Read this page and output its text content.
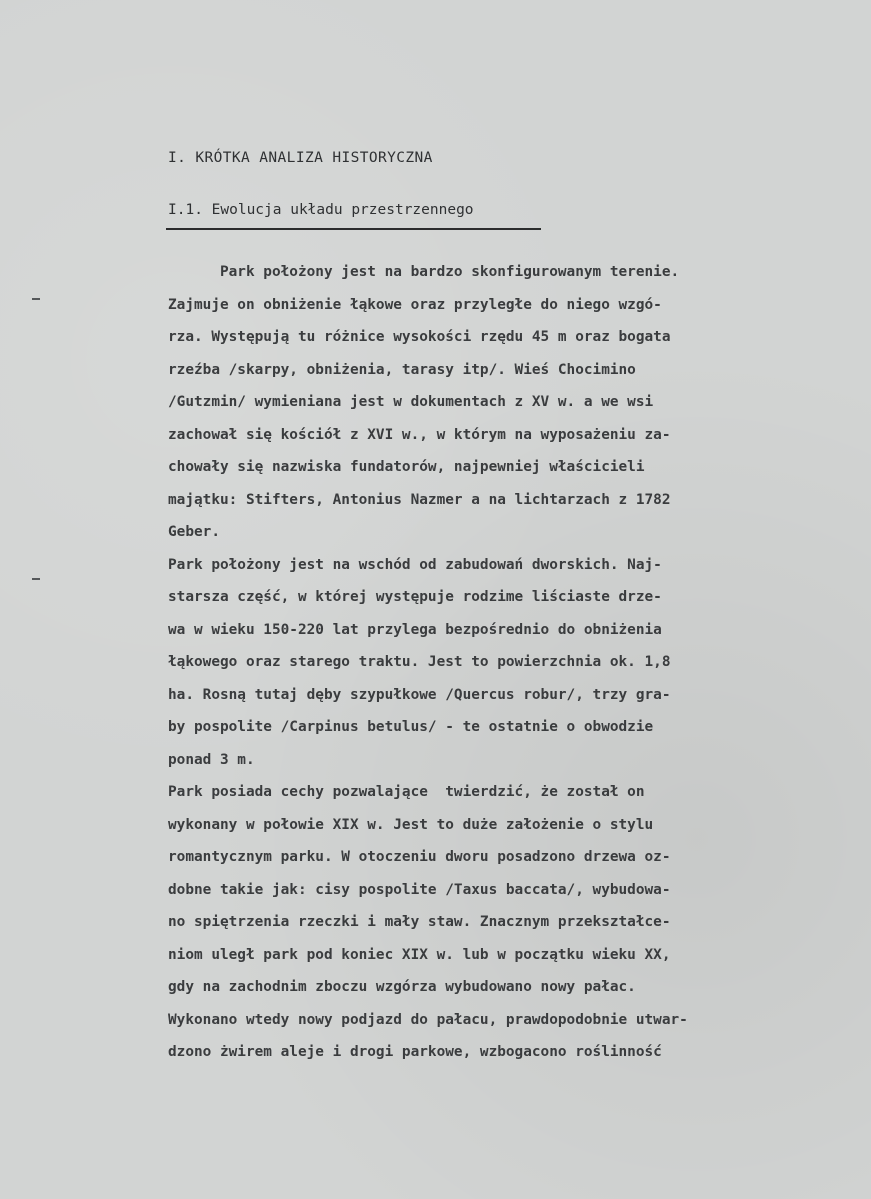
I. KRÓTKA ANALIZA HISTORYCZNA
I.1. Ewolucja układu przestrzennego
Park położony jest na bardzo skonfigurowanym terenie.
Zajmuje on obniżenie łąkowe oraz przyległe do niego wzgó-
rza. Występują tu różnice wysokości rzędu 45 m oraz bogata
rzeźba /skarpy, obniżenia, tarasy itp/. Wieś Chocimino
/Gutzmin/ wymieniana jest w dokumentach z XV w. a we wsi
zachował się kościół z XVI w., w którym na wyposażeniu za-
chowały się nazwiska fundatorów, najpewniej właścicieli
majątku: Stifters, Antonius Nazmer a na lichtarzach z 1782
Geber.
Park położony jest na wschód od zabudowań dworskich. Naj-
starsza część, w której występuje rodzime liściaste drze-
wa w wieku 150-220 lat przylega bezpośrednio do obniżenia
łąkowego oraz starego traktu. Jest to powierzchnia ok. 1,8
ha. Rosną tutaj dęby szypułkowe /Quercus robur/, trzy gra-
by pospolite /Carpinus betulus/ - te ostatnie o obwodzie
ponad 3 m.
Park posiada cechy pozwalające  twierdzić, że został on
wykonany w połowie XIX w. Jest to duże założenie o stylu
romantycznym parku. W otoczeniu dworu posadzono drzewa oz-
dobne takie jak: cisy pospolite /Taxus baccata/, wybudowa-
no spiętrzenia rzeczki i mały staw. Znacznym przekształce-
niom uległ park pod koniec XIX w. lub w początku wieku XX,
gdy na zachodnim zboczu wzgórza wybudowano nowy pałac.
Wykonano wtedy nowy podjazd do pałacu, prawdopodobnie utwar-
dzono żwirem aleje i drogi parkowe, wzbogacono roślinność
